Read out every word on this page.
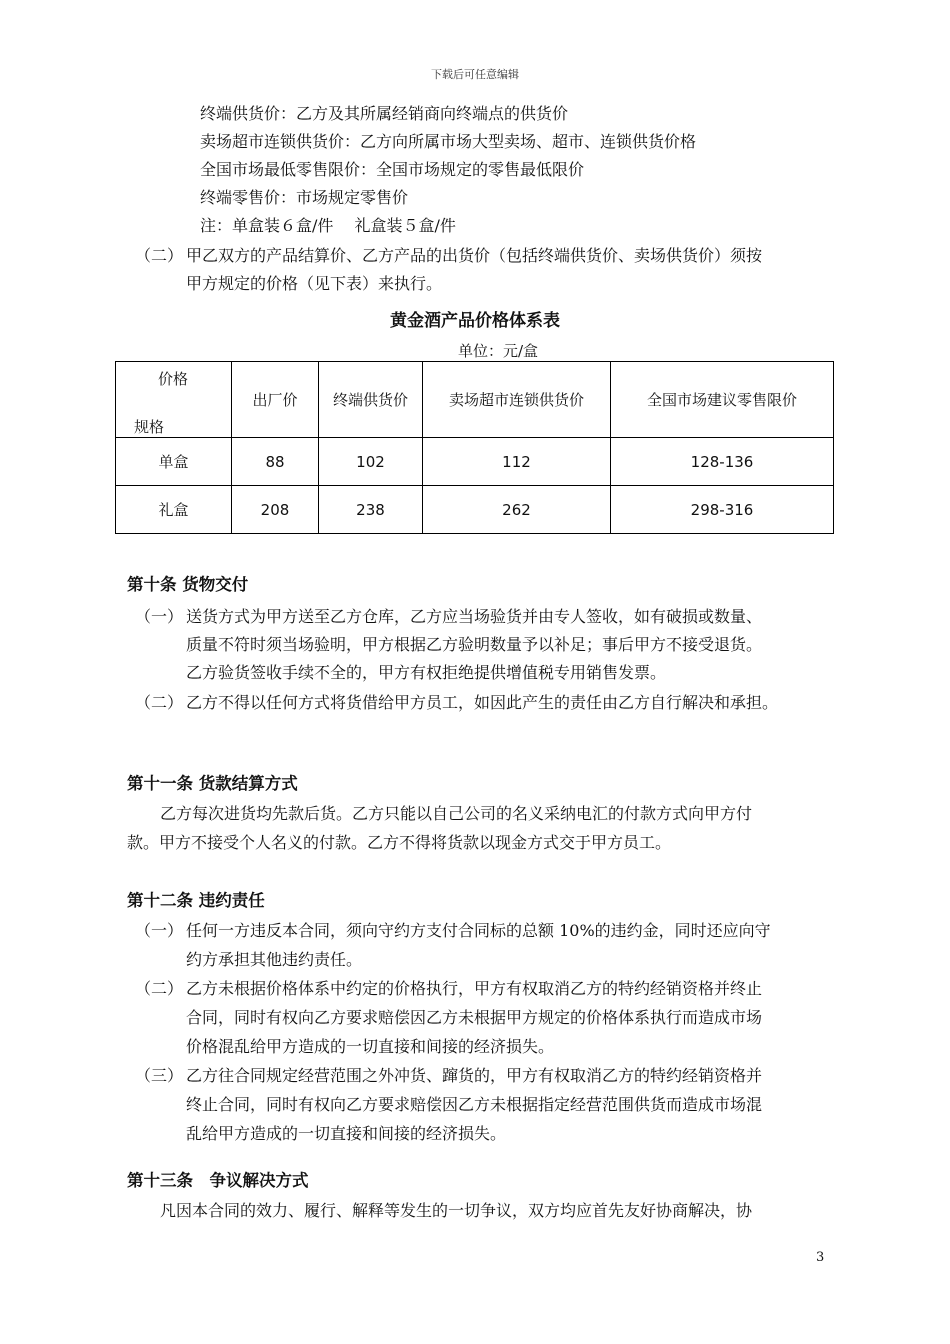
下载后可任意编辑
终端供货价：乙方及其所属经销商向终端点的供货价
卖场超市连锁供货价：乙方向所属市场大型卖场、超市、连锁供货价格
全国市场最低零售限价：全国市场规定的零售最低限价
终端零售价：市场规定零售价
注：单盒装６盒/件　 礼盒装５盒/件
（二） 甲乙双方的产品结算价、乙方产品的出货价（包括终端供货价、卖场供货价）须按
甲方规定的价格（见下表）来执行。
黄金酒产品价格体系表
单位：元/盒
价格
规格	出厂价	终端供货价	卖场超市连锁供货价	全国市场建议零售限价
单盒	88	102	112	128-136
礼盒	208	238	262	298-316
第十条 货物交付
（一） 送货方式为甲方送至乙方仓库，乙方应当场验货并由专人签收，如有破损或数量、
质量不符时须当场验明，甲方根据乙方验明数量予以补足；事后甲方不接受退货。
乙方验货签收手续不全的，甲方有权拒绝提供增值税专用销售发票。
（二） 乙方不得以任何方式将货借给甲方员工，如因此产生的责任由乙方自行解决和承担。
第十一条 货款结算方式
乙方每次进货均先款后货。乙方只能以自己公司的名义采纳电汇的付款方式向甲方付
款。甲方不接受个人名义的付款。乙方不得将货款以现金方式交于甲方员工。
第十二条 违约责任
（一） 任何一方违反本合同，须向守约方支付合同标的总额 10%的违约金，同时还应向守
约方承担其他违约责任。
（二） 乙方未根据价格体系中约定的价格执行，甲方有权取消乙方的特约经销资格并终止
合同，同时有权向乙方要求赔偿因乙方未根据甲方规定的价格体系执行而造成市场
价格混乱给甲方造成的一切直接和间接的经济损失。
（三） 乙方往合同规定经营范围之外冲货、蹿货的，甲方有权取消乙方的特约经销资格并
终止合同，同时有权向乙方要求赔偿因乙方未根据指定经营范围供货而造成市场混
乱给甲方造成的一切直接和间接的经济损失。
第十三条　争议解决方式
凡因本合同的效力、履行、解释等发生的一切争议，双方均应首先友好协商解决，协
3
